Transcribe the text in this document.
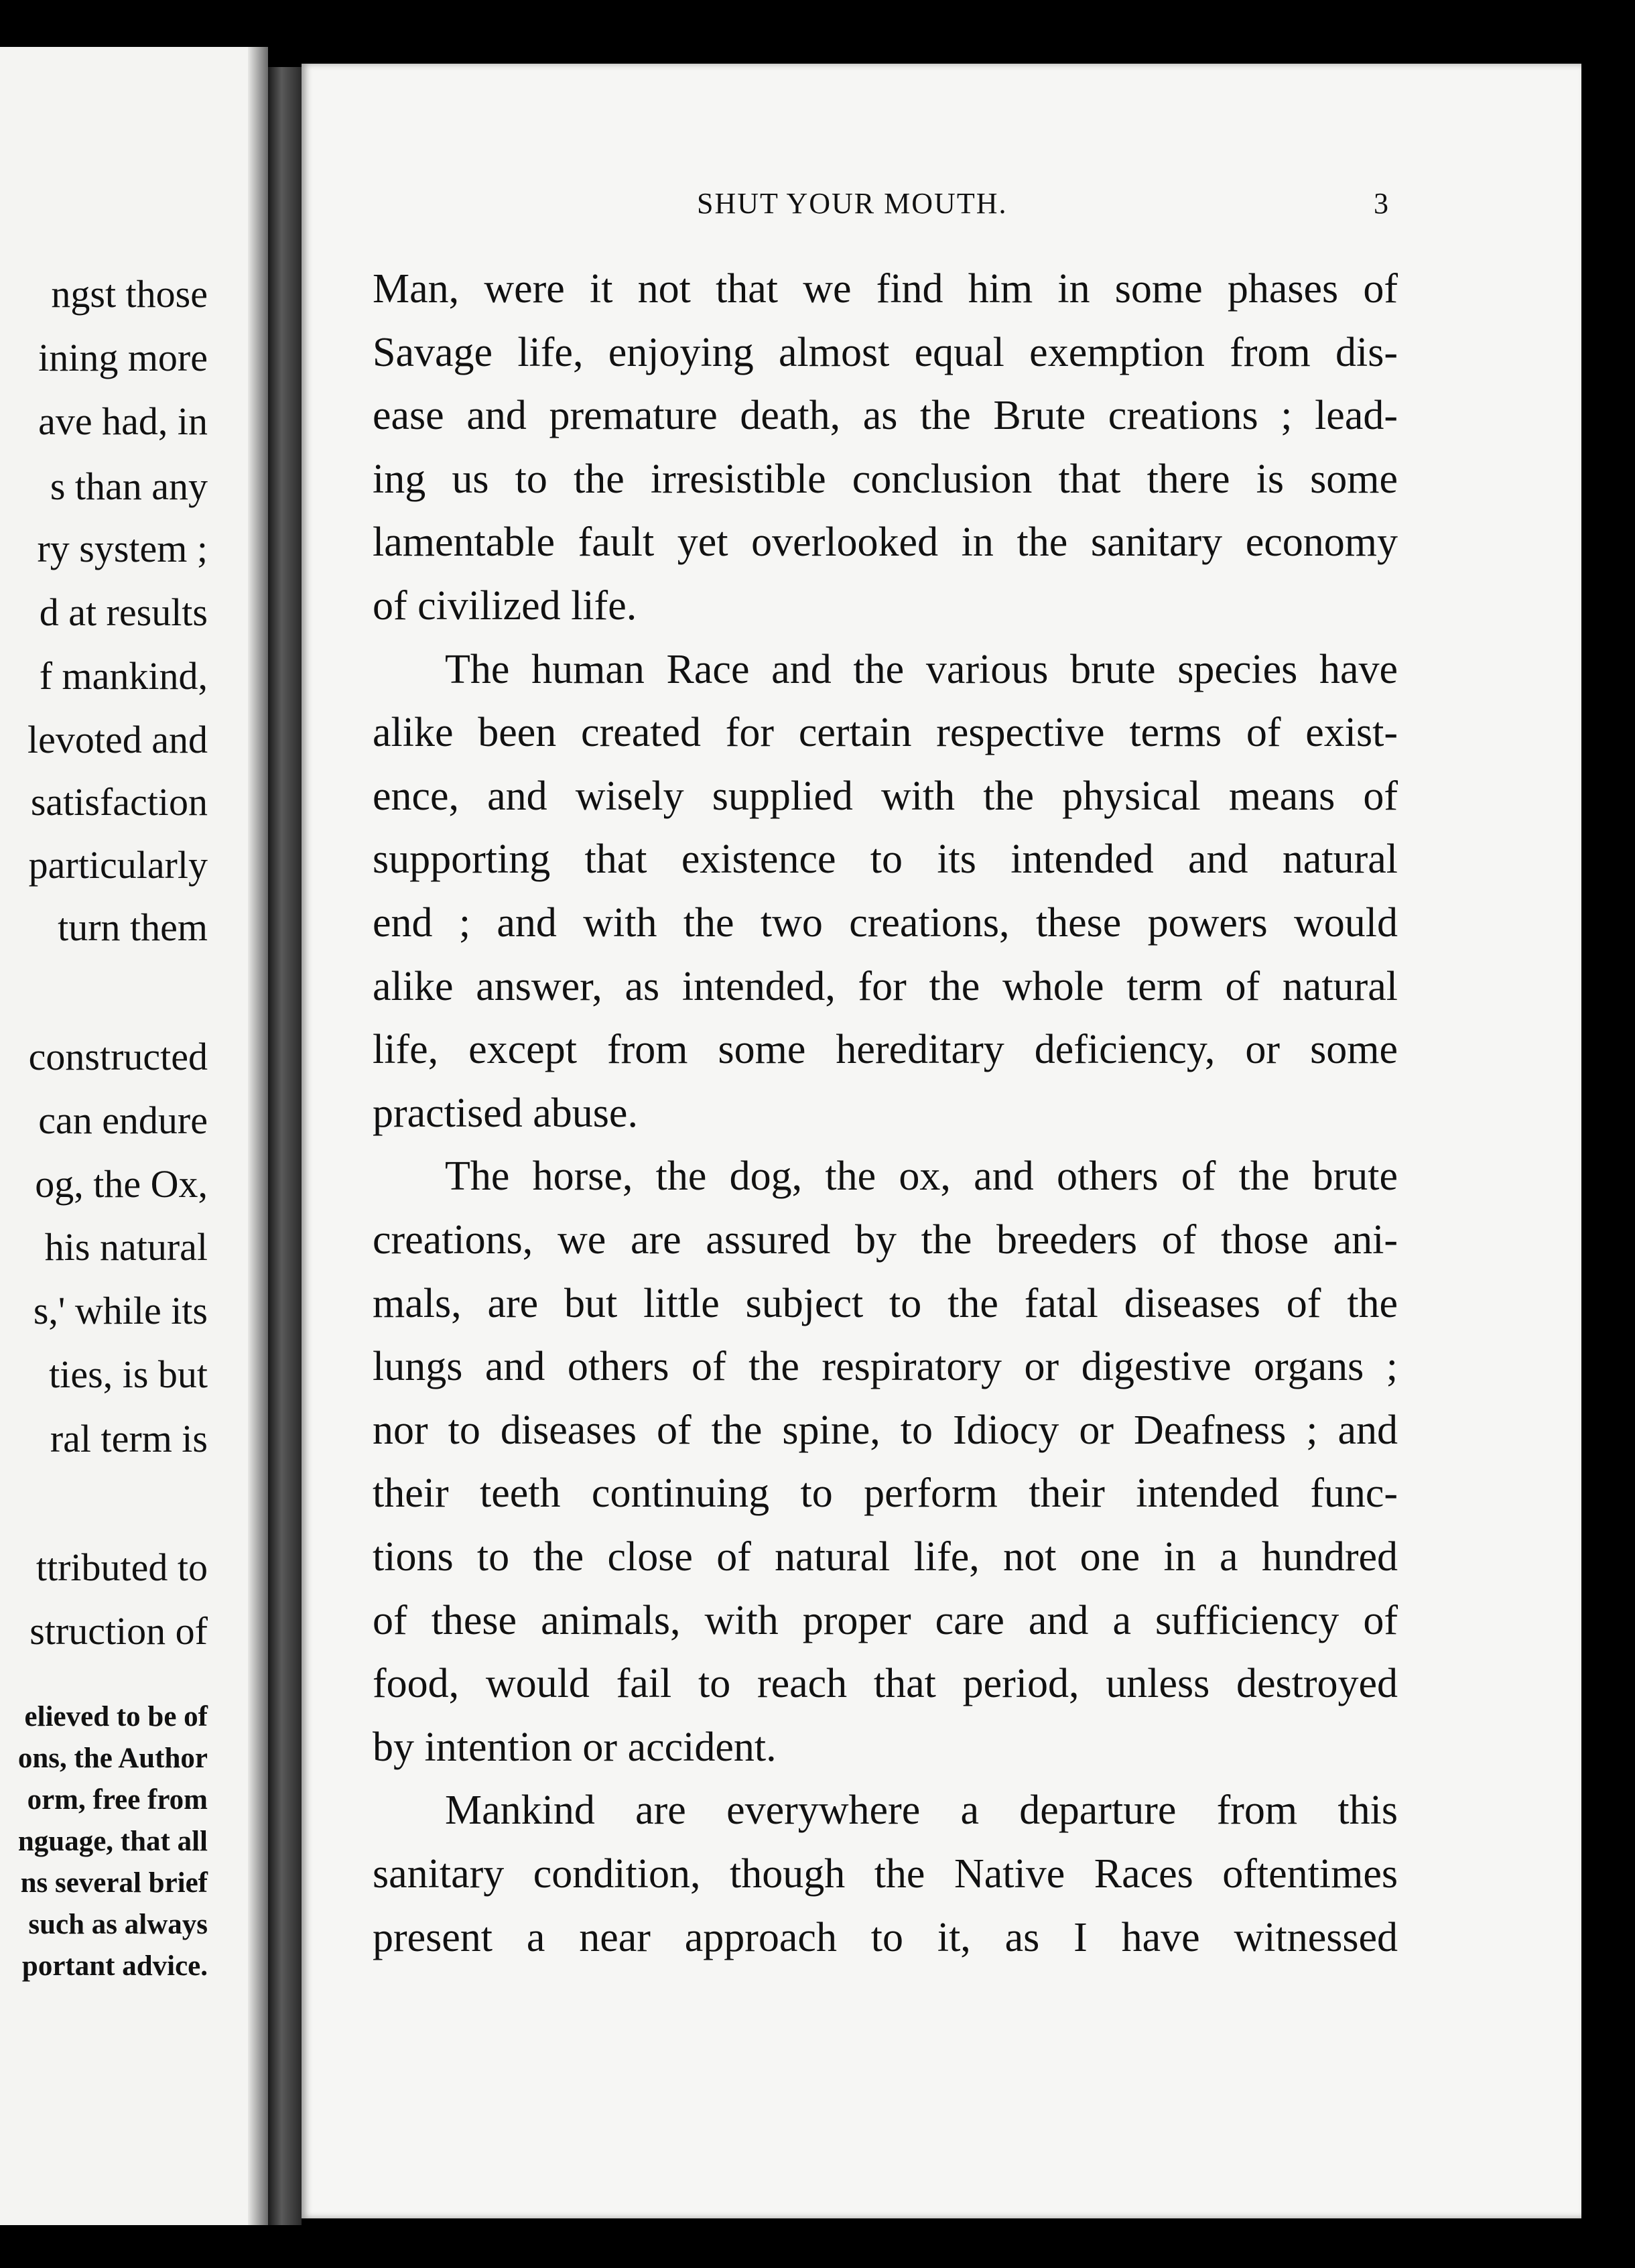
ngst those
ining more
ave had, in
s than any
ry system ;
d at results
f mankind,
levoted and
satisfaction
particularly
turn them
constructed
can endure
og, the Ox,
his natural
s,' while its
ties, is but
ral term is
ttributed to
struction of
elieved to be of
ons, the Author
orm, free from
nguage, that all
ns several brief
such as always
portant advice.
SHUT YOUR MOUTH.	3
Man, were it not that we find him in some phases of
Savage life, enjoying almost equal exemption from dis-
ease and premature death, as the Brute creations ; lead-
ing us to the irresistible conclusion that there is some
lamentable fault yet overlooked in the sanitary economy
of civilized life.
The human Race and the various brute species have
alike been created for certain respective terms of exist-
ence, and wisely supplied with the physical means of
supporting that existence to its intended and natural
end ; and with the two creations, these powers would
alike answer, as intended, for the whole term of natural
life, except from some hereditary deficiency, or some
practised abuse.
The horse, the dog, the ox, and others of the brute
creations, we are assured by the breeders of those ani-
mals, are but little subject to the fatal diseases of the
lungs and others of the respiratory or digestive organs ;
nor to diseases of the spine, to Idiocy or Deafness ; and
their teeth continuing to perform their intended func-
tions to the close of natural life, not one in a hundred
of these animals, with proper care and a sufficiency of
food, would fail to reach that period, unless destroyed
by intention or accident.
Mankind are everywhere a departure from this
sanitary condition, though the Native Races oftentimes
present a near approach to it, as I have witnessed
